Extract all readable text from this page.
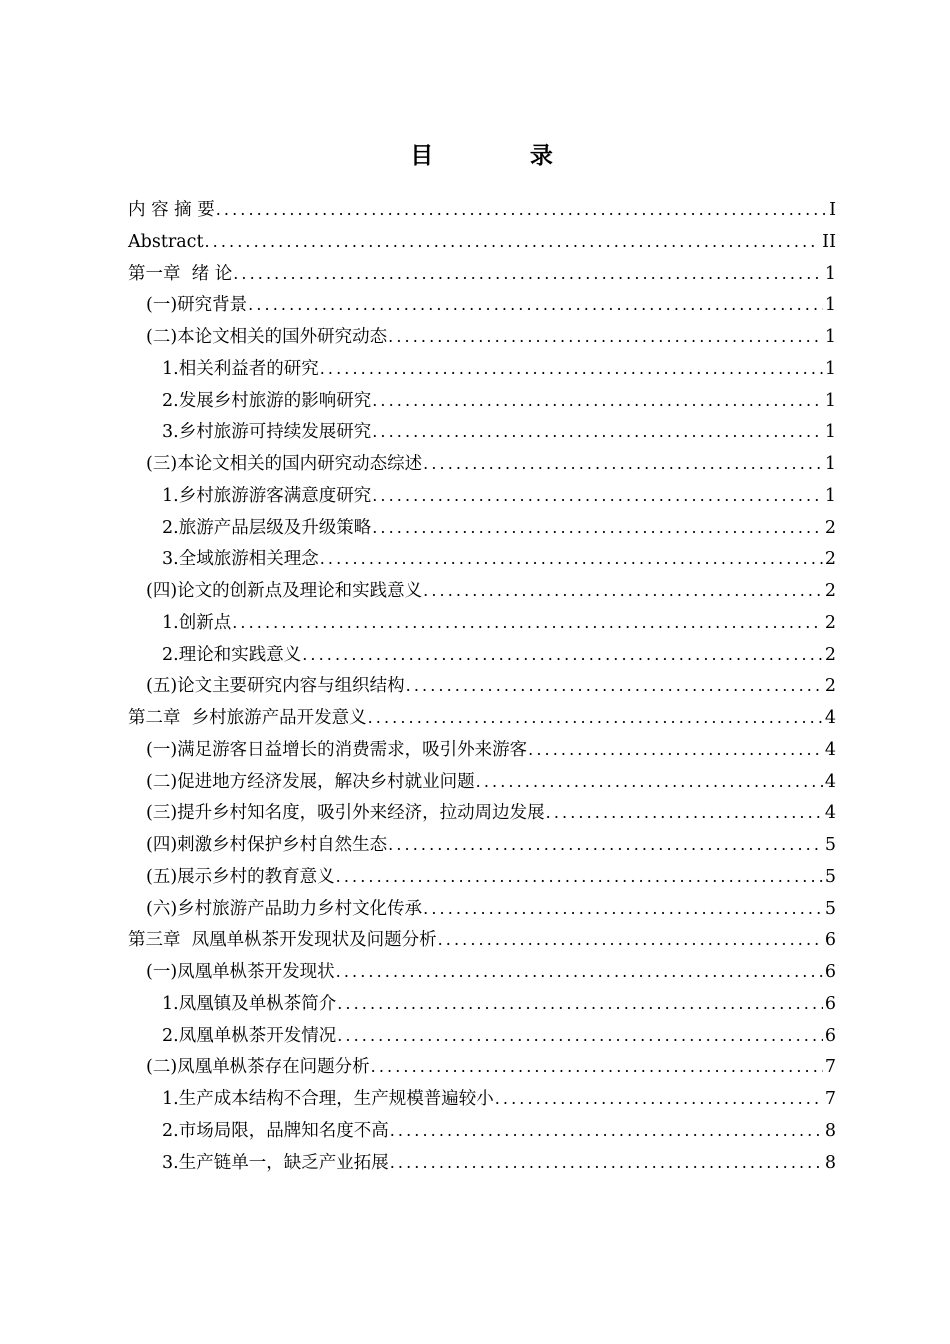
目　录
内 容 摘 要 .....	I
Abstract .....	II
第一章  绪 论 .....	1
(一)研究背景 .....	1
(二)本论文相关的国外研究动态 .....	1
1.相关利益者的研究 .....	1
2.发展乡村旅游的影响研究 .....	1
3.乡村旅游可持续发展研究 .....	1
(三)本论文相关的国内研究动态综述 .....	1
1.乡村旅游游客满意度研究 .....	1
2.旅游产品层级及升级策略 .....	2
3.全域旅游相关理念 .....	2
(四)论文的创新点及理论和实践意义 .....	2
1.创新点 .....	2
2.理论和实践意义 .....	2
(五)论文主要研究内容与组织结构 .....	2
第二章  乡村旅游产品开发意义 .....	4
(一)满足游客日益增长的消费需求，吸引外来游客 .....	4
(二)促进地方经济发展，解决乡村就业问题 .....	4
(三)提升乡村知名度，吸引外来经济，拉动周边发展 .....	4
(四)刺激乡村保护乡村自然生态 .....	5
(五)展示乡村的教育意义 .....	5
(六)乡村旅游产品助力乡村文化传承 .....	5
第三章  凤凰单枞茶开发现状及问题分析 .....	6
(一)凤凰单枞茶开发现状 .....	6
1.凤凰镇及单枞茶简介 .....	6
2.凤凰单枞茶开发情况 .....	6
(二)凤凰单枞茶存在问题分析 .....	7
1.生产成本结构不合理，生产规模普遍较小 .....	7
2.市场局限，品牌知名度不高 .....	8
3.生产链单一，缺乏产业拓展 .....	8
